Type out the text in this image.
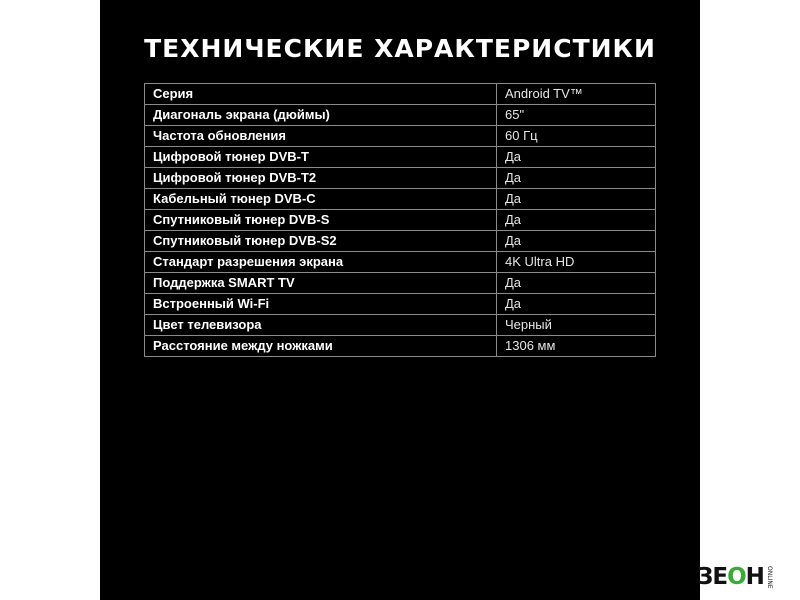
ТЕХНИЧЕСКИЕ ХАРАКТЕРИСТИКИ
Серия	Android TV™
Диагональ экрана (дюймы)	65"
Частота обновления	60 Гц
Цифровой тюнер DVB-T	Да
Цифровой тюнер DVB-T2	Да
Кабельный тюнер DVB-C	Да
Спутниковый тюнер DVB-S	Да
Спутниковый тюнер DVB-S2	Да
Стандарт разрешения экрана	4K Ultra HD
Поддержка SMART TV	Да
Встроенный Wi-Fi	Да
Цвет телевизора	Черный
Расстояние между ножками	1306 мм
ЗЕОН ONLINE
